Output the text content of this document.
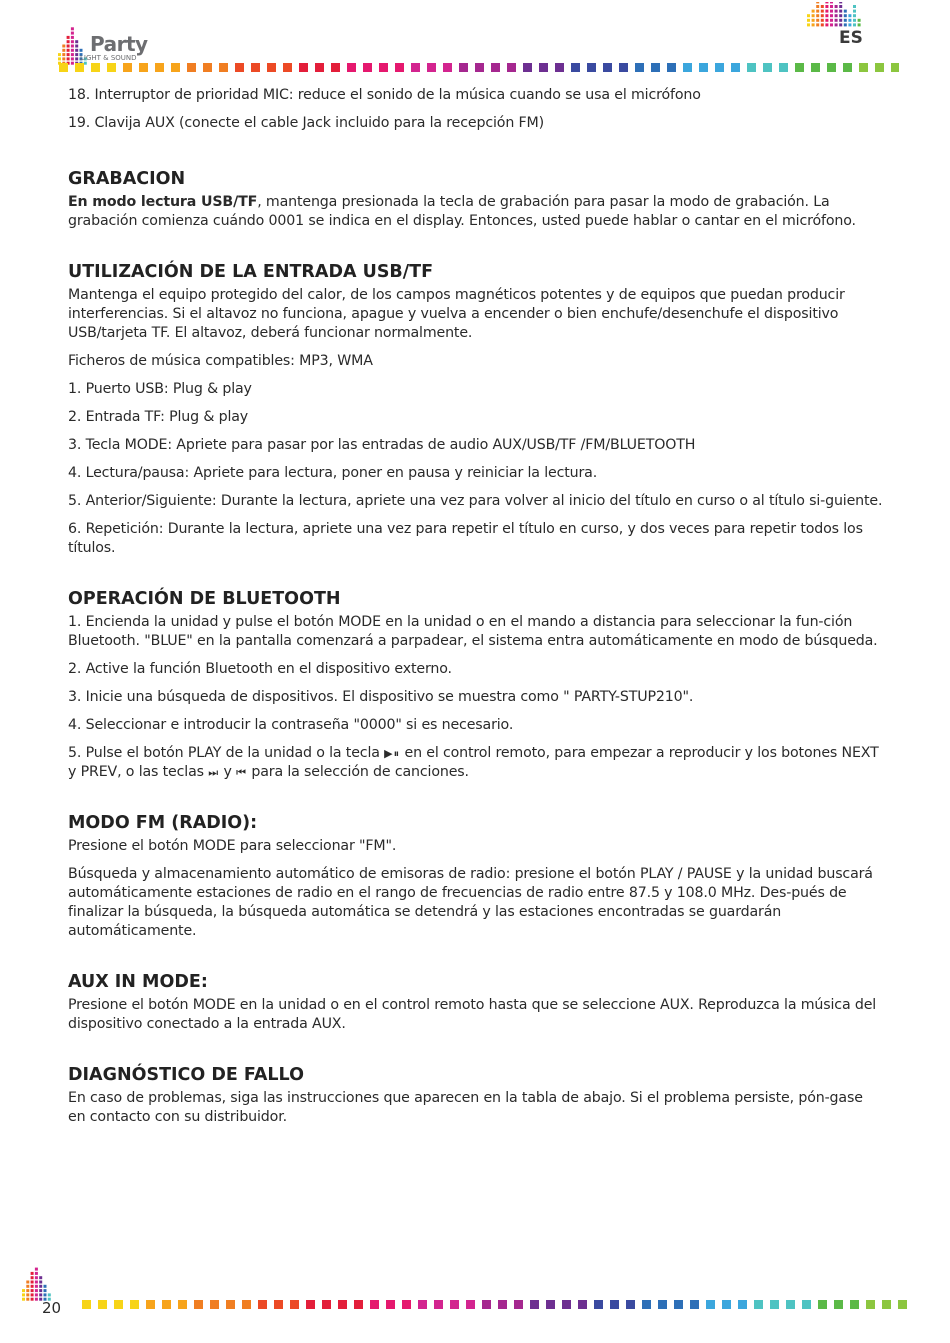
Party
LIGHT & SOUND
ES

18. Interruptor de prioridad MIC: reduce el sonido de la música cuando se usa el micrófono

19. Clavija AUX (conecte el cable Jack incluido para la recepción FM)

GRABACION

En modo lectura USB/TF, mantenga presionada la tecla de grabación para pasar la modo de grabación. La grabación comienza cuándo 0001 se indica en el display. Entonces, usted puede hablar o cantar en el micrófono.

UTILIZACIÓN DE LA ENTRADA USB/TF

Mantenga el equipo protegido del calor, de los campos magnéticos potentes y de equipos que puedan producir interferencias. Si el altavoz no funciona, apague y vuelva a encender o bien enchufe/desenchufe el dispositivo USB/tarjeta TF. El altavoz, deberá funcionar normalmente.

Ficheros de música compatibles: MP3, WMA

1. Puerto USB: Plug & play

2. Entrada TF: Plug & play

3. Tecla MODE: Apriete para pasar por las entradas de audio AUX/USB/TF /FM/BLUETOOTH

4. Lectura/pausa: Apriete para lectura, poner en pausa y reiniciar la lectura.

5. Anterior/Siguiente: Durante la lectura, apriete una vez para volver al inicio del título en curso o al título si-guiente.

6. Repetición: Durante la lectura, apriete una vez para repetir el título en curso, y dos veces para repetir todos los títulos.

OPERACIÓN DE BLUETOOTH

1. Encienda la unidad y pulse el botón MODE en la unidad o en el mando a distancia para seleccionar la fun-ción Bluetooth. "BLUE" en la pantalla comenzará a parpadear, el sistema entra automáticamente en modo de búsqueda.

2. Active la función Bluetooth en el dispositivo externo.

3. Inicie una búsqueda de dispositivos. El dispositivo se muestra como " PARTY-STUP210".

4. Seleccionar e introducir la contraseña "0000" si es necesario.

5. Pulse el botón PLAY de la unidad o la tecla ▶⏸ en el control remoto, para empezar a reproducir y los botones NEXT y PREV, o las teclas ⏭ y ⏮ para la selección de canciones.

MODO FM (RADIO):

Presione el botón MODE para seleccionar "FM".

Búsqueda y almacenamiento automático de emisoras de radio: presione el botón PLAY / PAUSE y la unidad buscará automáticamente estaciones de radio en el rango de frecuencias de radio entre 87.5 y 108.0 MHz. Des-pués de finalizar la búsqueda, la búsqueda automática se detendrá y las estaciones encontradas se guardarán automáticamente.

AUX IN MODE:

Presione el botón MODE en la unidad o en el control remoto hasta que se seleccione AUX. Reproduzca la música del dispositivo conectado a la entrada AUX.

DIAGNÓSTICO DE FALLO

En caso de problemas, siga las instrucciones que aparecen en la tabla de abajo. Si el problema persiste, pón-gase en contacto con su distribuidor.

20
